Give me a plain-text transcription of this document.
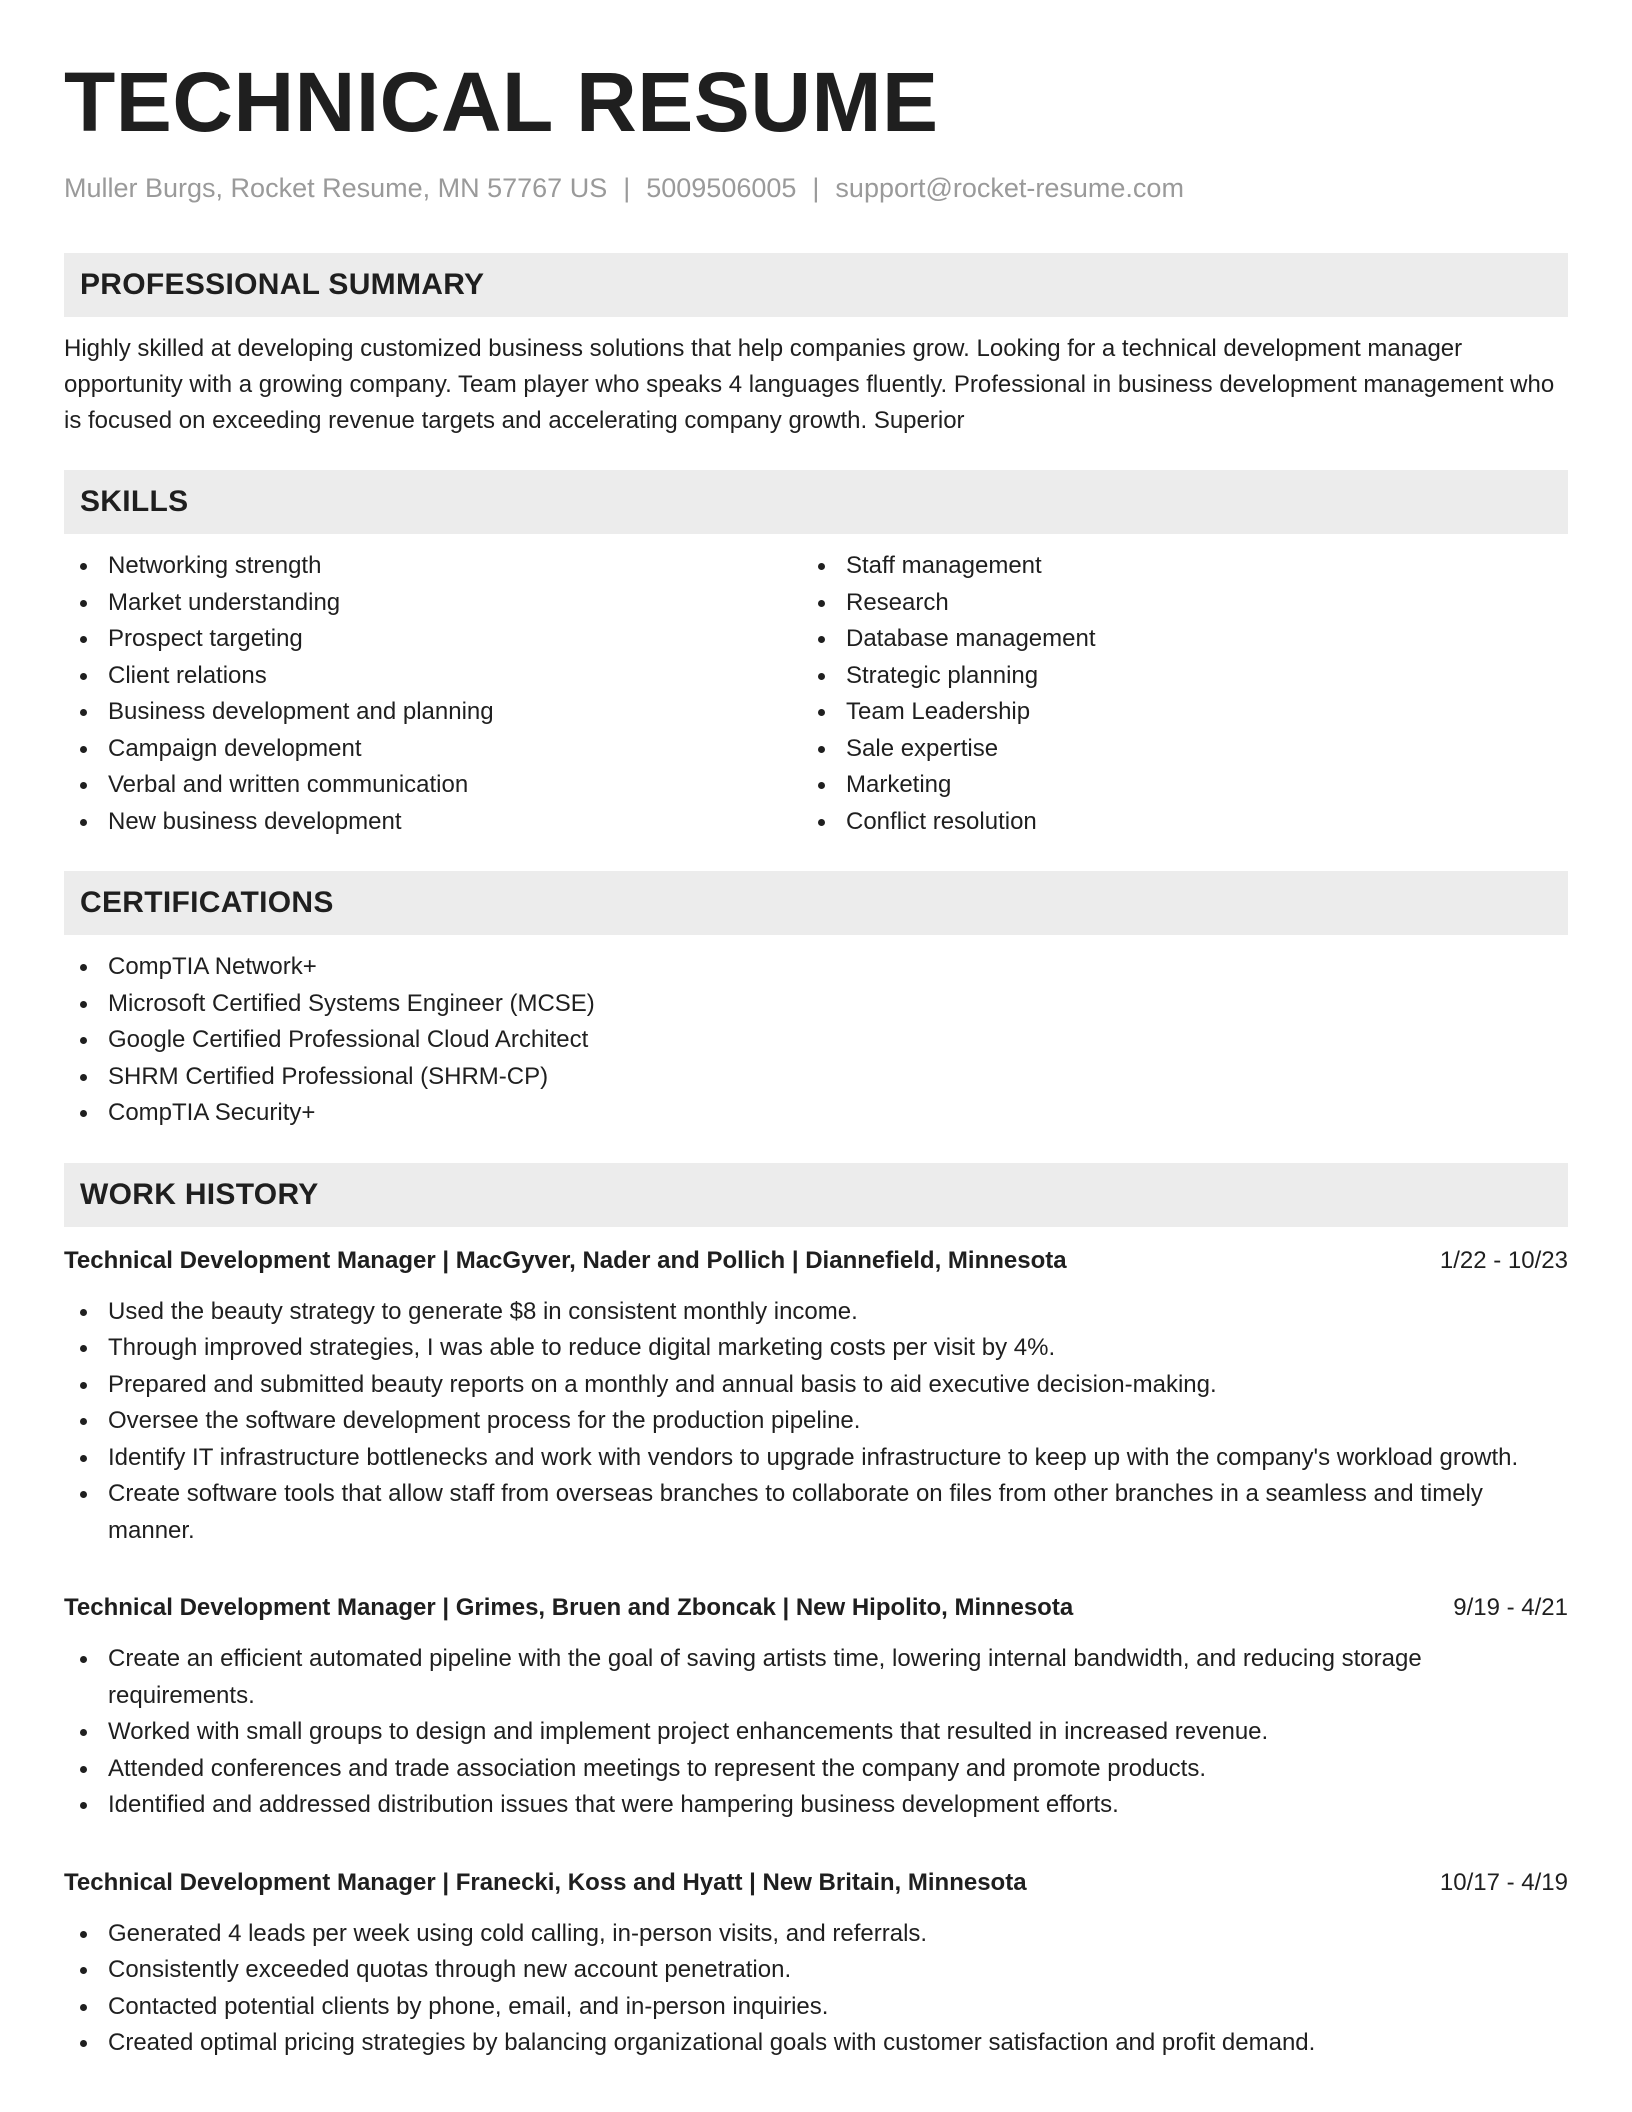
TECHNICAL RESUME
Muller Burgs, Rocket Resume, MN 57767 US | 5009506005 | support@rocket-resume.com
PROFESSIONAL SUMMARY
Highly skilled at developing customized business solutions that help companies grow. Looking for a technical development manager opportunity with a growing company. Team player who speaks 4 languages fluently. Professional in business development management who is focused on exceeding revenue targets and accelerating company growth. Superior
SKILLS
Networking strength
Market understanding
Prospect targeting
Client relations
Business development and planning
Campaign development
Verbal and written communication
New business development
Staff management
Research
Database management
Strategic planning
Team Leadership
Sale expertise
Marketing
Conflict resolution
CERTIFICATIONS
CompTIA Network+
Microsoft Certified Systems Engineer (MCSE)
Google Certified Professional Cloud Architect
SHRM Certified Professional (SHRM-CP)
CompTIA Security+
WORK HISTORY
Technical Development Manager | MacGyver, Nader and Pollich | Diannefield, Minnesota	1/22 - 10/23
Used the beauty strategy to generate $8 in consistent monthly income.
Through improved strategies, I was able to reduce digital marketing costs per visit by 4%.
Prepared and submitted beauty reports on a monthly and annual basis to aid executive decision-making.
Oversee the software development process for the production pipeline.
Identify IT infrastructure bottlenecks and work with vendors to upgrade infrastructure to keep up with the company's workload growth.
Create software tools that allow staff from overseas branches to collaborate on files from other branches in a seamless and timely manner.
Technical Development Manager | Grimes, Bruen and Zboncak | New Hipolito, Minnesota	9/19 - 4/21
Create an efficient automated pipeline with the goal of saving artists time, lowering internal bandwidth, and reducing storage requirements.
Worked with small groups to design and implement project enhancements that resulted in increased revenue.
Attended conferences and trade association meetings to represent the company and promote products.
Identified and addressed distribution issues that were hampering business development efforts.
Technical Development Manager | Franecki, Koss and Hyatt | New Britain, Minnesota	10/17 - 4/19
Generated 4 leads per week using cold calling, in-person visits, and referrals.
Consistently exceeded quotas through new account penetration.
Contacted potential clients by phone, email, and in-person inquiries.
Created optimal pricing strategies by balancing organizational goals with customer satisfaction and profit demand.
